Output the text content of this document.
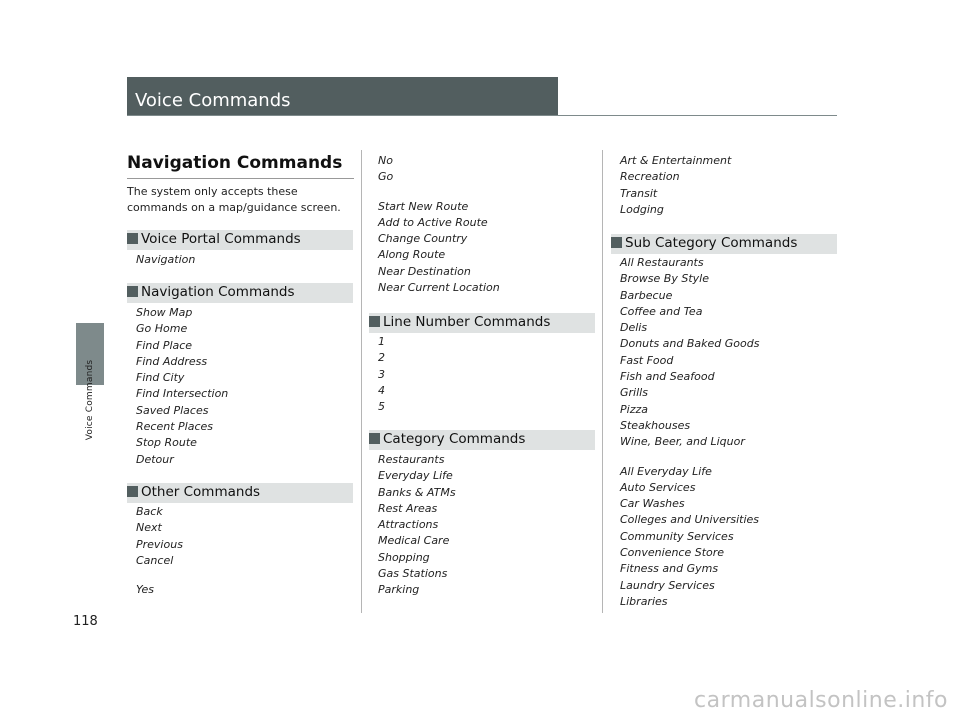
Voice Commands
118
Voice Commands
Navigation Commands
The system only accepts these commands on a map/guidance screen.
Voice Portal Commands
Navigation
Navigation Commands
Show Map
Go Home
Find Place
Find Address
Find City
Find Intersection
Saved Places
Recent Places
Stop Route
Detour
Other Commands
Back
Next
Previous
Cancel
Yes
No
Go
Start New Route
Add to Active Route
Change Country
Along Route
Near Destination
Near Current Location
Line Number Commands
1
2
3
4
5
Category Commands
Restaurants
Everyday Life
Banks & ATMs
Rest Areas
Attractions
Medical Care
Shopping
Gas Stations
Parking
Art & Entertainment
Recreation
Transit
Lodging
Sub Category Commands
All Restaurants
Browse By Style
Barbecue
Coffee and Tea
Delis
Donuts and Baked Goods
Fast Food
Fish and Seafood
Grills
Pizza
Steakhouses
Wine, Beer, and Liquor
All Everyday Life
Auto Services
Car Washes
Colleges and Universities
Community Services
Convenience Store
Fitness and Gyms
Laundry Services
Libraries
carmanualsonline.info
